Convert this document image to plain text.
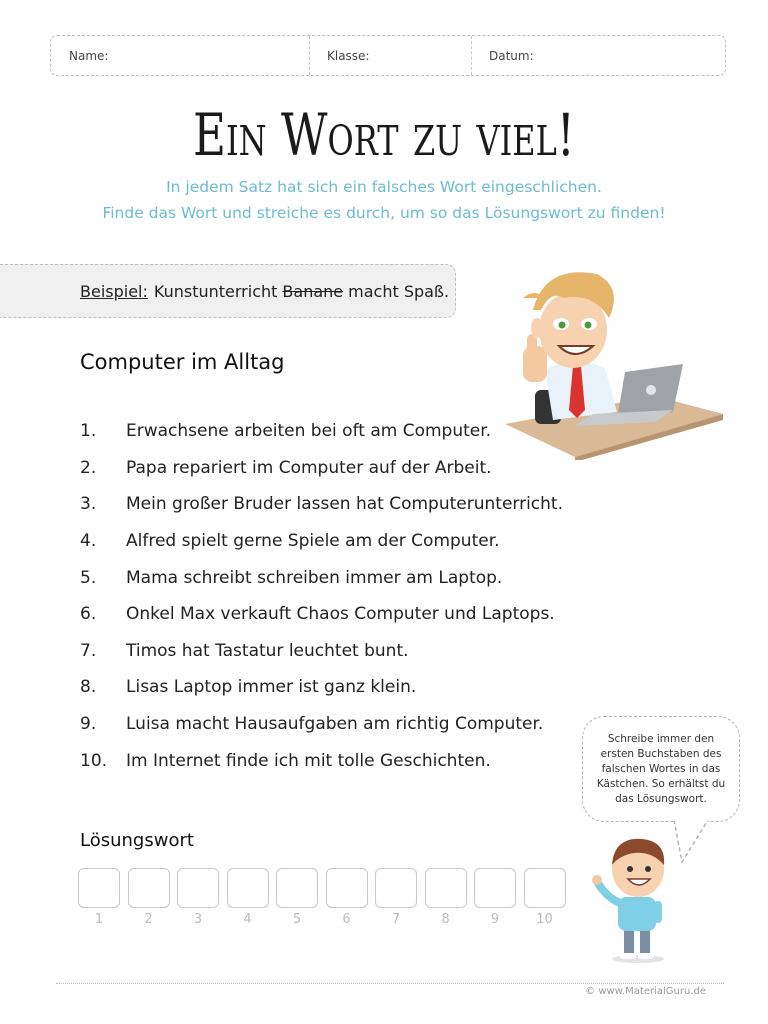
Name:	Klasse:	Datum:
Ein Wort zu viel!
In jedem Satz hat sich ein falsches Wort eingeschlichen.
Finde das Wort und streiche es durch, um so das Lösungswort zu finden!
Beispiel: Kunstunterricht Banane macht Spaß.
Computer im Alltag
1.	Erwachsene arbeiten bei oft am Computer.
2.	Papa repariert im Computer auf der Arbeit.
3.	Mein großer Bruder lassen hat Computerunterricht.
4.	Alfred spielt gerne Spiele am der Computer.
5.	Mama schreibt schreiben immer am Laptop.
6.	Onkel Max verkauft Chaos Computer und Laptops.
7.	Timos hat Tastatur leuchtet bunt.
8.	Lisas Laptop immer ist ganz klein.
9.	Luisa macht Hausaufgaben am richtig Computer.
10.	Im Internet finde ich mit tolle Geschichten.
Schreibe immer den ersten Buchstaben des falschen Wortes in das Kästchen. So erhältst du das Lösungswort.
Lösungswort
1	2	3	4	5	6	7	8	9	10
© www.MaterialGuru.de
